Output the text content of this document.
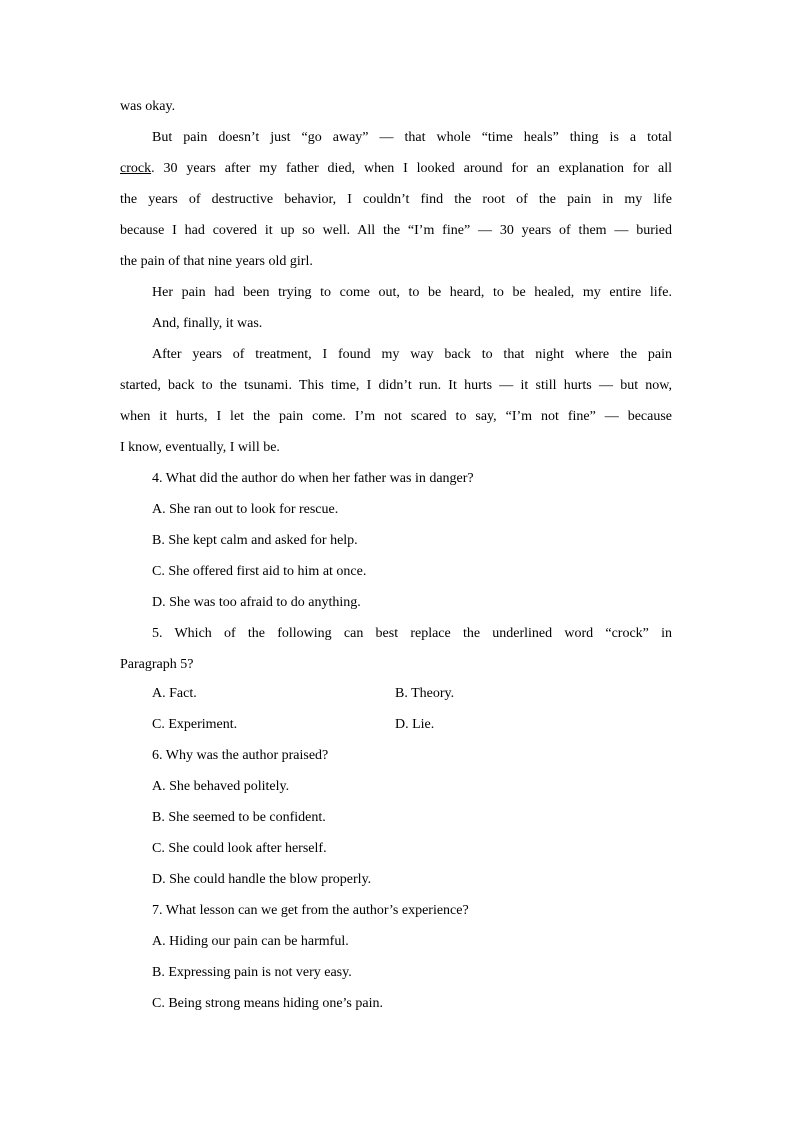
was okay.
But pain doesn’t just “go away” — that whole “time heals” thing is a total
crock. 30 years after my father died, when I looked around for an explanation for all
the years of destructive behavior, I couldn’t find the root of the pain in my life
because I had covered it up so well. All the “I’m fine” — 30 years of them — buried
the pain of that nine years old girl.
Her pain had been trying to come out, to be heard, to be healed, my entire life.
And, finally, it was.
After years of treatment, I found my way back to that night where the pain
started, back to the tsunami. This time, I didn’t run. It hurts — it still hurts — but now,
when it hurts, I let the pain come. I’m not scared to say, “I’m not fine” — because
I know, eventually, I will be.
4. What did the author do when her father was in danger?
A. She ran out to look for rescue.
B. She kept calm and asked for help.
C. She offered first aid to him at once.
D. She was too afraid to do anything.
5. Which of the following can best replace the underlined word “crock” in
Paragraph 5?
A. Fact.	B. Theory.
C. Experiment.	D. Lie.
6. Why was the author praised?
A. She behaved politely.
B. She seemed to be confident.
C. She could look after herself.
D. She could handle the blow properly.
7. What lesson can we get from the author’s experience?
A. Hiding our pain can be harmful.
B. Expressing pain is not very easy.
C. Being strong means hiding one’s pain.
